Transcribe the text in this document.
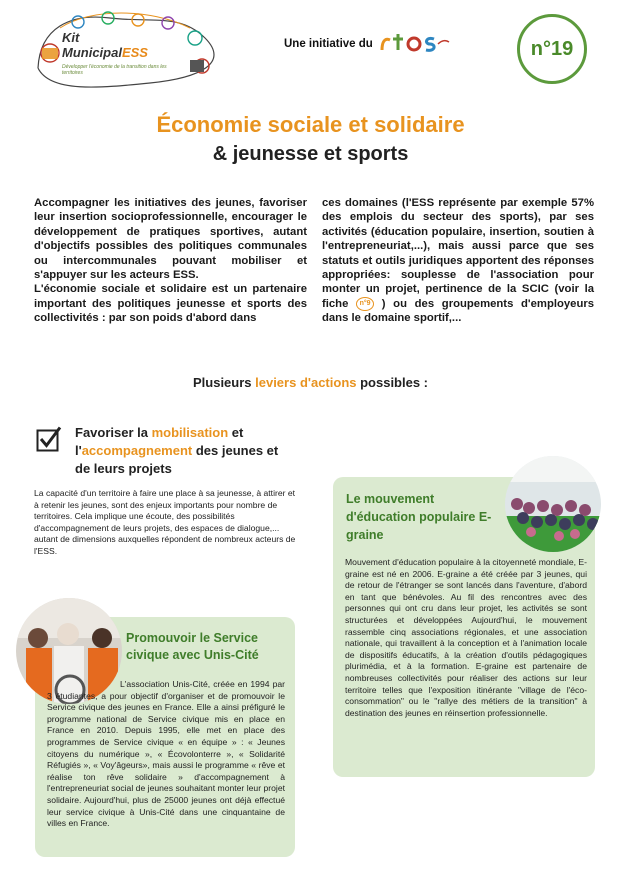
Kit
MunicipalESS
Développer l'économie de la transition dans les territoires
Une initiative du	n°19
Économie sociale et solidaire
& jeunesse et sports
Accompagner les initiatives des jeunes, favoriser leur insertion socioprofessionnelle, encourager le développement de pratiques sportives, autant d'objectifs possibles des politiques communales ou intercommunales pouvant mobiliser et s'appuyer sur les acteurs ESS.
L'économie sociale et solidaire est un partenaire important des politiques jeunesse et sports des collectivités : par son poids d'abord dans
ces domaines (l'ESS représente par exemple 57% des emplois du secteur des sports), par ses activités (éducation populaire, insertion, soutien à l'entrepreneuriat,...), mais aussi parce que ses statuts et outils juridiques apportent des réponses appropriées: souplesse de l'association pour monter un projet, pertinence de la SCIC (voir la fiche n°9 ) ou des groupements d'employeurs dans le domaine sportif,...
Plusieurs leviers d'actions possibles :
Favoriser la mobilisation et l'accompagnement des jeunes et de leurs projets
La capacité d'un territoire à faire une place à sa jeunesse, à attirer et à retenir les jeunes, sont des enjeux importants pour nombre de territoires. Cela implique une écoute, des possibilités d'accompagnement de leurs projets, des espaces de dialogue,... autant de dimensions auxquelles répondent de nombreux acteurs de l'ESS.
Le mouvement d'éducation populaire E-graine
Mouvement d'éducation populaire à la citoyenneté mondiale, E-graine est né en 2006. E-graine a été créée par 3 jeunes, qui de retour de l'étranger se sont lancés dans l'aventure, d'abord en tant que bénévoles. Au fil des rencontres avec des personnes qui ont cru dans leur projet, les activités se sont structurées et développées Aujourd'hui, le mouvement rassemble cinq associations régionales, et une association nationale, qui travaillent à la conception et à l'animation locale de dispositifs éducatifs, à la création d'outils pédagogiques plurimédia, et à la formation. E-graine est partenaire de nombreuses collectivités pour réaliser des actions sur leur territoire telles que l'exposition itinérante "village de l'éco-consommation" ou le "rallye des métiers de la transition" à destination des jeunes en réinsertion professionnelle.
Promouvoir le Service civique avec Unis-Cité
L'association Unis-Cité, créée en 1994 par 3 étudiantes, a pour objectif d'organiser et de promouvoir le Service civique des jeunes en France. Elle a ainsi préfiguré le programme national de Service civique mis en place en France en 2010. Depuis 1995, elle met en place des programmes de Service civique « en équipe » : « Jeunes citoyens du numérique », « Écovolonterre », « Solidarité Réfugiés », « Voy'âgeurs», mais aussi le programme « rêve et réalise ton rêve solidaire » d'accompagnement à l'entrepreneuriat social de jeunes souhaitant monter leur projet solidaire. Aujourd'hui, plus de 25000 jeunes ont déjà effectué leur service civique à Unis-Cité dans une cinquantaine de villes en France.
